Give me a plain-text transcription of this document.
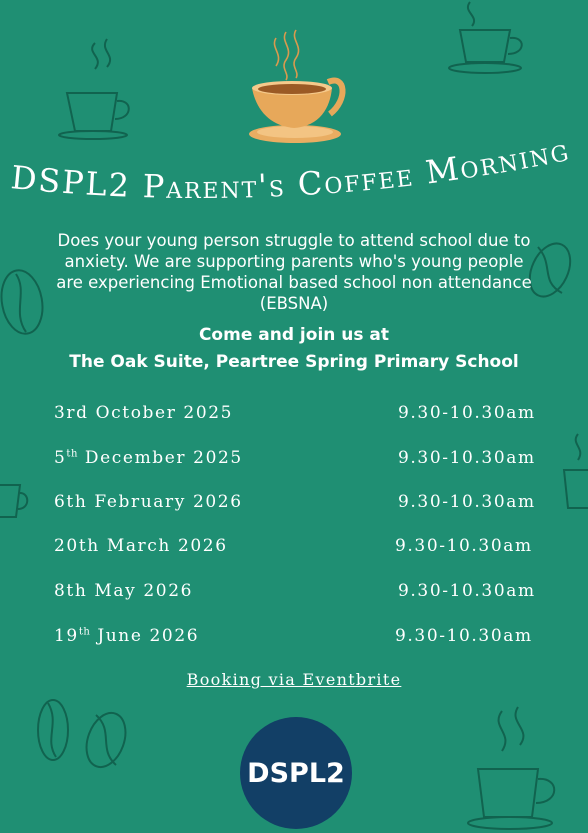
DSPL2 Parent's Coffee Morning
Does your young person struggle to attend school due to
anxiety. We are supporting parents who's young people
are experiencing Emotional based school non attendance
(EBSNA)
Come and join us at
The Oak Suite, Peartree Spring Primary School
3rd October 2025	9.30-10.30am
5th December 2025	9.30-10.30am
6th February 2026	9.30-10.30am
20th March 2026	9.30-10.30am
8th May 2026	9.30-10.30am
19th June 2026	9.30-10.30am
Booking via Eventbrite
DSPL2
